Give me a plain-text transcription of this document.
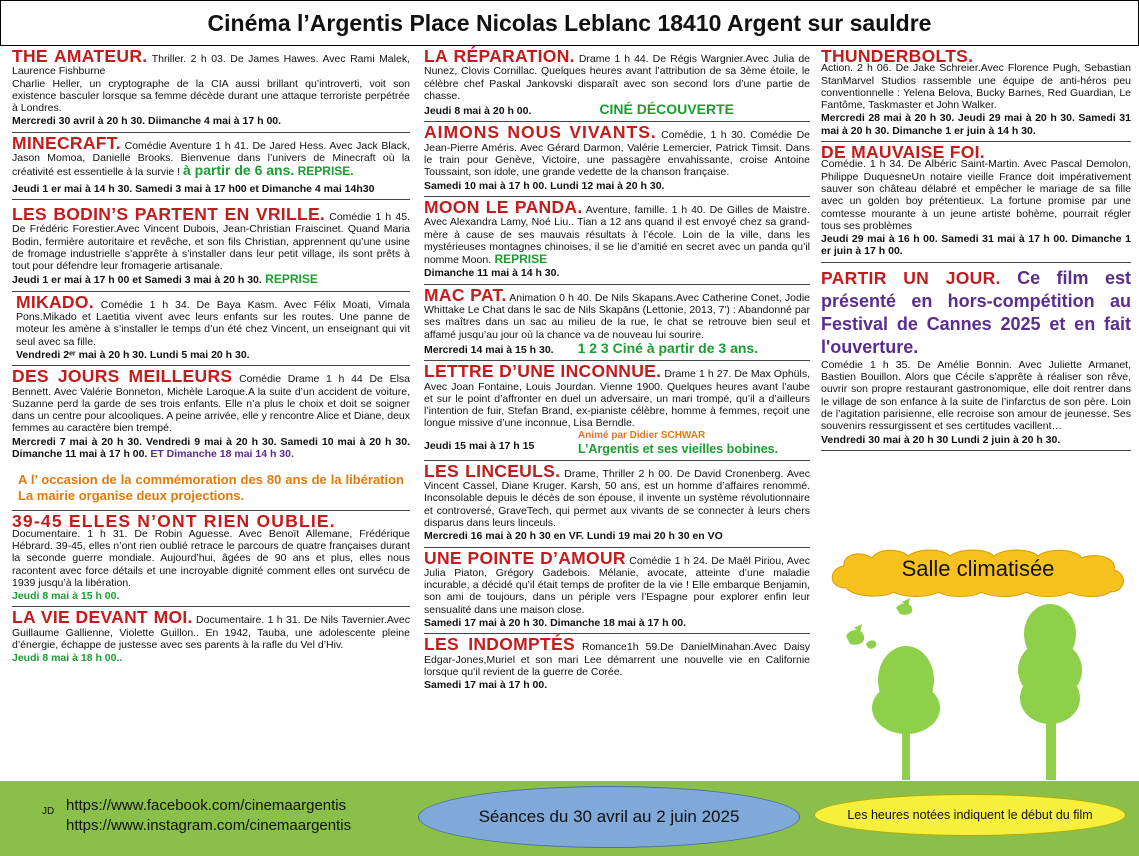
Cinéma l’Argentis Place Nicolas Leblanc 18410 Argent sur sauldre
THE AMATEUR. Thriller. 2 h 03. De James Hawes. Avec Rami Malek, Laurence Fishburne
Charlie Heller, un cryptographe de la CIA aussi brillant qu’introverti, voit son existence basculer lorsque sa femme décède durant une attaque terroriste perpétrée à Londres.
Mercredi 30 avril à 20 h 30. Diimanche 4 mai à 17 h 00.
MINECRAFT. Comédie Aventure 1 h 41. De Jared Hess. Avec Jack Black, Jason Momoa, Danielle Brooks. Bienvenue dans l’univers de Minecraft où la créativité est essentielle à la survie ! à partir de 6 ans. REPRISE.
Jeudi 1 er mai à 14 h 30. Samedi 3 mai à 17 h00 et Dimanche 4 mai 14h30
LES BODIN’S PARTENT EN VRILLE. Comédie 1 h 45. De Frédéric Forestier.Avec Vincent Dubois, Jean-Christian Fraiscinet. Quand Maria Bodin, fermière autoritaire et revêche, et son fils Christian, apprennent qu’une usine de fromage industrielle s’apprête à s’installer dans leur petit village, ils sont prêts à tout pour défendre leur fromagerie artisanale.
Jeudi 1 er mai à 17 h 00 et Samedi 3 mai à 20 h 30. REPRISE
MIKADO. Comédie 1 h 34. De Baya Kasm. Avec Félix Moati, Vimala Pons.Mikado et Laetitia vivent avec leurs enfants sur les routes. Une panne de moteur les amène à s’installer le temps d’un été chez Vincent, un enseignant qui vit seul avec sa fille.
Vendredi 2ᵉʳ mai à 20 h 30. Lundi 5 mai 20 h 30.
DES JOURS MEILLEURS Comédie Drame 1 h 44 De Elsa Bennett. Avec Valérie Bonneton, Michèle Laroque.A la suite d’un accident de voiture, Suzanne perd la garde de ses trois enfants. Elle n’a plus le choix et doit se soigner dans un centre pour alcooliques. A peine arrivée, elle y rencontre Alice et Diane, deux femmes au caractère bien trempé.
Mercredi 7 mai à 20 h 30. Vendredi 9 mai à 20 h 30. Samedi 10 mai à 20 h 30. Dimanche 11 mai à 17 h 00. ET Dimanche 18 mai 14 h 30.
A l’ occasion de la commémoration des 80 ans de la libération La mairie organise deux projections.
39-45 ELLES N’ONT RIEN OUBLIE.
Documentaire. 1 h 31. De Robin Aguesse. Avec Benoït Allemane, Frédérique Hébrard. 39-45, elles n’ont rien oublié retrace le parcours de quatre françaises durant la seconde guerre mondiale. Aujourd’hui, âgées de 90 ans et plus, elles nous racontent avec force détails et une incroyable dignité comment elles ont survécu de 1939 jusqu’à la libération.
Jeudi 8 mai à 15 h 00.
LA VIE DEVANT MOI. Documentaire. 1 h 31. De Nils Tavernier.Avec Guillaume Gallienne, Violette Guillon.. En 1942, Tauba, une adolescente pleine d’énergie, échappe de justesse avec ses parents à la rafle du Vel d’Hiv.
Jeudi 8 mai à 18 h 00..
LA RÉPARATION. Drame 1 h 44. De Régis Wargnier.Avec Julia de Nunez, Clovis Cornillac. Quelques heures avant l’attribution de sa 3ème étoile, le célèbre chef Paskal Jankovski disparaît avec son second lors d’une partie de chasse.
Jeudi 8 mai à 20 h 00.	CINÉ DÉCOUVERTE
AIMONS NOUS VIVANTS. Comédie, 1 h 30. Comédie De Jean-Pierre Améris. Avec Gérard Darmon, Valérie Lemercier, Patrick Timsit. Dans le train pour Genève, Victoire, une passagère envahissante, croise Antoine Toussaint, son idole, une grande vedette de la chanson française.
Samedi 10 mai à 17 h 00. Lundi 12 mai à 20 h 30.
MOON LE PANDA. Aventure, famille. 1 h 40. De Gilles de Maistre. Avec Alexandra Lamy, Noé Liu.. Tian a 12 ans quand il est envoyé chez sa grand-mère à cause de ses mauvais résultats à l’école. Loin de la ville, dans les mystérieuses montagnes chinoises, il se lie d’amitié en secret avec un panda qu’il nomme Moon. REPRISE
Dimanche 11 mai à 14 h 30.
MAC PAT. Animation 0 h 40. De Nils Skapans.Avec Catherine Conet, Jodie Whittake Le Chat dans le sac de Nils Skapāns (Lettonie, 2013, 7') : Abandonné par ses maîtres dans un sac au milieu de la rue, le chat se retrouve bien seul et affamé jusqu’au jour où la chance va de nouveau lui sourire.
Mercredi 14 mai à 15 h 30. 1 2 3 Ciné à partir de 3 ans.
LETTRE D’UNE INCONNUE. Drame 1 h 27. De Max Ophüls, Avec Joan Fontaine, Louis Jourdan. Vienne 1900. Quelques heures avant l’aube et sur le point d’affronter en duel un adversaire, un mari trompé, qu’il a d’ailleurs l’intention de fuir, Stefan Brand, ex-pianiste célèbre, homme à femmes, reçoit une longue missive d’une inconnue, Lisa Berndle.
Animé par Didier SCHWAR
Jeudi 15 mai à 17 h 15	L’Argentis et ses vieilles bobines.
LES LINCEULS. Drame, Thriller 2 h 00. De David Cronenberg. Avec Vincent Cassel, Diane Kruger. Karsh, 50 ans, est un homme d’affaires renommé. Inconsolable depuis le décès de son épouse, il invente un système révolutionnaire et controversé, GraveTech, qui permet aux vivants de se connecter à leurs chers disparus dans leurs linceuls.
Mercredi 16 mai à 20 h 30 en VF. Lundi 19 mai 20 h 30 en VO
UNE POINTE D’AMOUR Comédie 1 h 24. De Maël Piriou, Avec Julia Piaton, Grégory Gadebois. Mélanie, avocate, atteinte d’une maladie incurable, a décidé qu’il était temps de profiter de la vie ! Elle embarque Benjamin, son ami de toujours, dans un périple vers l’Espagne pour explorer enfin leur sensualité dans une maison close.
Samedi 17 mai à 20 h 30. Dimanche 18 mai à 17 h 00.
LES INDOMPTÉS Romance1h 59.De DanielMinahan.Avec Daisy Edgar-Jones,Muriel et son mari Lee démarrent une nouvelle vie en Californie lorsque qu’il revient de la guerre de Corée.
Samedi 17 mai à 17 h 00.
THUNDERBOLTS.
Action. 2 h 06. De Jake Schreier.Avec Florence Pugh, Sebastian StanMarvel Studios rassemble une équipe de anti-héros peu conventionnelle : Yelena Belova, Bucky Barnes, Red Guardian, Le Fantôme, Taskmaster et John Walker.
Mercredi 28 mai à 20 h 30. Jeudi 29 mai à 20 h 30. Samedi 31 mai à 20 h 30. Dimanche 1 er juin à 14 h 30.
DE MAUVAISE FOI.
Comédie. 1 h 34. De Albéric Saint-Martin. Avec Pascal Demolon, Philippe DuquesneUn notaire vieille France doit impérativement sauver son château délabré et empêcher le mariage de sa fille avec un golden boy prétentieux. La fortune promise par une comtesse mourante à un jeune artiste bohème, pourrait régler tous ses problèmes
Jeudi 29 mai à 16 h 00. Samedi 31 mai à 17 h 00. Dimanche 1 er juin à 17 h 00.
PARTIR UN JOUR. Ce film est présenté en hors-compétition au Festival de Cannes 2025 et en fait l'ouverture.
Comédie 1 h 35. De Amélie Bonnin. Avec Juliette Armanet, Bastien Bouillon. Alors que Cécile s’apprête à réaliser son rêve, ouvrir son propre restaurant gastronomique, elle doit rentrer dans le village de son enfance à la suite de l’infarctus de son père. Loin de l’agitation parisienne, elle recroise son amour de jeunesse. Ses souvenirs ressurgissent et ses certitudes vacillent…
Vendredi 30 mai à 20 h 30 Lundi 2 juin à 20 h 30.
Salle climatisée
JD https://www.facebook.com/cinemaargentis
https://www.instagram.com/cinemaargentis	Séances du 30 avril au 2 juin 2025	Les heures notées indiquent le début du film
